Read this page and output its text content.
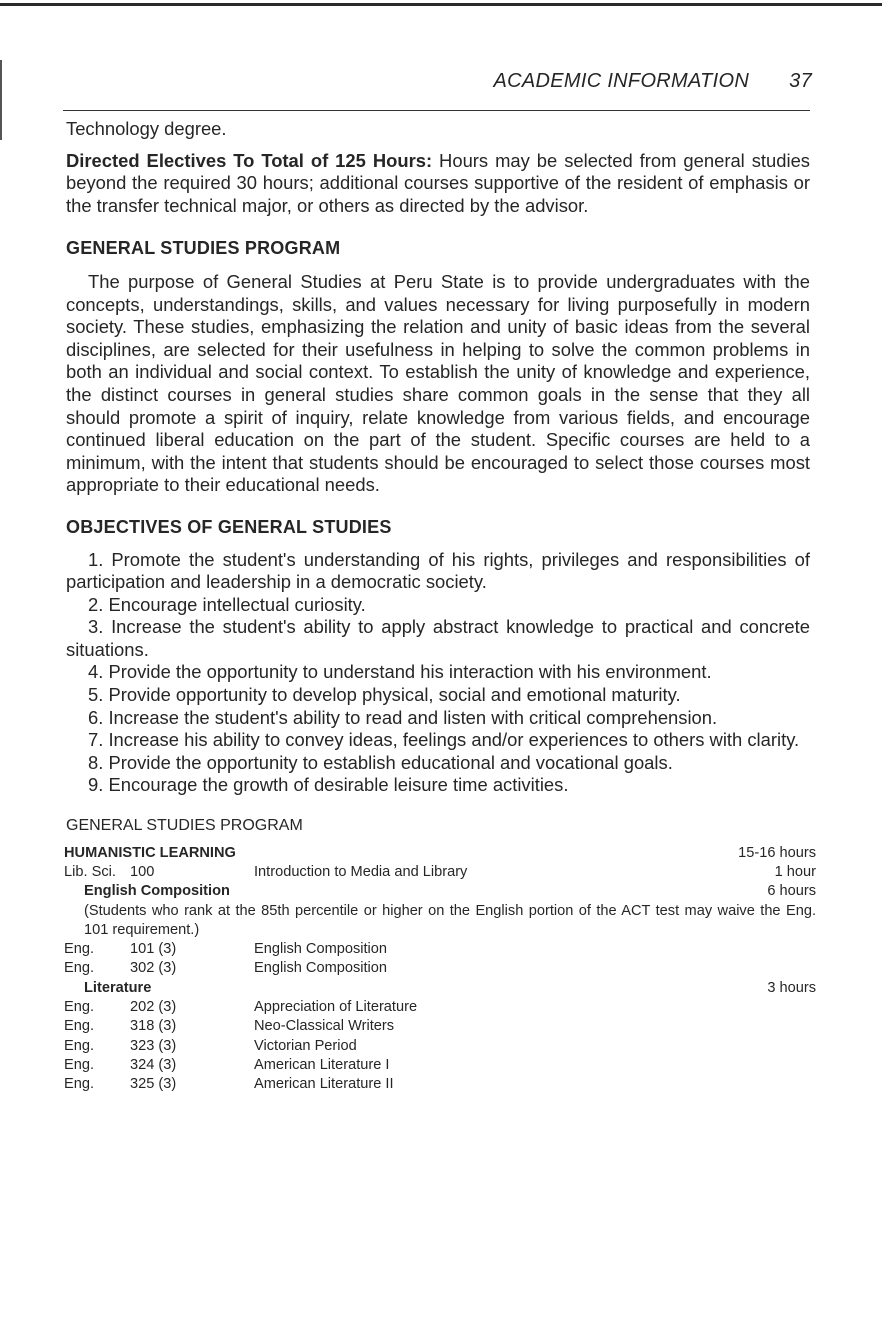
ACADEMIC INFORMATION 37

Technology degree.

Directed Electives To Total of 125 Hours: Hours may be selected from general studies beyond the required 30 hours; additional courses supportive of the resident of emphasis or the transfer technical major, or others as directed by the advisor.

GENERAL STUDIES PROGRAM

The purpose of General Studies at Peru State is to provide undergraduates with the concepts, understandings, skills, and values necessary for living purposefully in modern society. These studies, emphasizing the relation and unity of basic ideas from the several disciplines, are selected for their usefulness in helping to solve the common problems in both an individual and social context. To establish the unity of knowledge and experience, the distinct courses in general studies share common goals in the sense that they all should promote a spirit of inquiry, relate knowledge from various fields, and encourage continued liberal education on the part of the student. Specific courses are held to a minimum, with the intent that students should be encouraged to select those courses most appropriate to their educational needs.

OBJECTIVES OF GENERAL STUDIES

1. Promote the student's understanding of his rights, privileges and responsibilities of participation and leadership in a democratic society.

2. Encourage intellectual curiosity.

3. Increase the student's ability to apply abstract knowledge to practical and concrete situations.

4. Provide the opportunity to understand his interaction with his environment.

5. Provide opportunity to develop physical, social and emotional maturity.

6. Increase the student's ability to read and listen with critical comprehension.

7. Increase his ability to convey ideas, feelings and/or experiences to others with clarity.

8. Provide the opportunity to establish educational and vocational goals.

9. Encourage the growth of desirable leisure time activities.

GENERAL STUDIES PROGRAM

HUMANISTIC LEARNING			15-16 hours
Lib. Sci.	100	Introduction to Media and Library	1 hour
English Composition			6 hours
(Students who rank at the 85th percentile or higher on the English portion of the ACT test may waive the Eng. 101 requirement.)			
Eng.	101 (3)	English Composition	
Eng.	302 (3)	English Composition	
Literature			3 hours
Eng.	202 (3)	Appreciation of Literature	
Eng.	318 (3)	Neo-Classical Writers	
Eng.	323 (3)	Victorian Period	
Eng.	324 (3)	American Literature I	
Eng.	325 (3)	American Literature II	
